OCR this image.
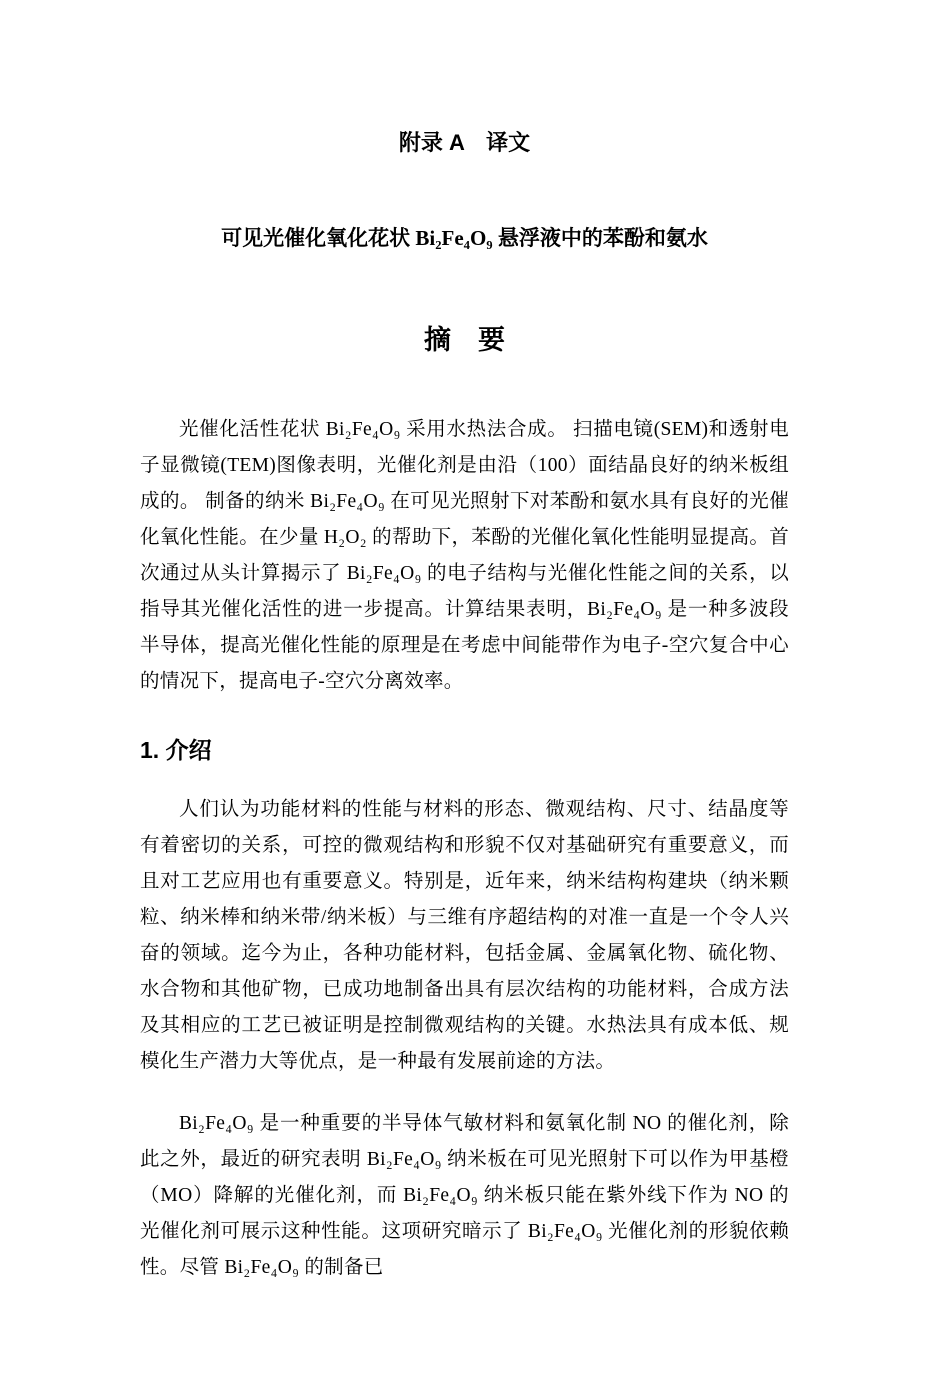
附录 A　译文
可见光催化氧化花状 Bi₂Fe₄O₉ 悬浮液中的苯酚和氨水
摘　要

光催化活性花状 Bi₂Fe₄O₉ 采用水热法合成。 扫描电镜(SEM)和透射电子显微镜(TEM)图像表明，光催化剂是由沿（100）面结晶良好的纳米板组成的。 制备的纳米 Bi₂Fe₄O₉ 在可见光照射下对苯酚和氨水具有良好的光催化氧化性能。在少量 H₂O₂ 的帮助下，苯酚的光催化氧化性能明显提高。首次通过从头计算揭示了 Bi₂Fe₄O₉ 的电子结构与光催化性能之间的关系，以指导其光催化活性的进一步提高。计算结果表明，Bi₂Fe₄O₉ 是一种多波段半导体，提高光催化性能的原理是在考虑中间能带作为电子-空穴复合中心的情况下，提高电子-空穴分离效率。

1. 介绍

人们认为功能材料的性能与材料的形态、微观结构、尺寸、结晶度等有着密切的关系，可控的微观结构和形貌不仅对基础研究有重要意义，而且对工艺应用也有重要意义。特别是，近年来，纳米结构构建块（纳米颗粒、纳米棒和纳米带/纳米板）与三维有序超结构的对准一直是一个令人兴奋的领域。迄今为止，各种功能材料，包括金属、金属氧化物、硫化物、水合物和其他矿物，已成功地制备出具有层次结构的功能材料，合成方法及其相应的工艺已被证明是控制微观结构的关键。水热法具有成本低、规模化生产潜力大等优点，是一种最有发展前途的方法。

Bi₂Fe₄O₉ 是一种重要的半导体气敏材料和氨氧化制 NO 的催化剂，除此之外，最近的研究表明 Bi₂Fe₄O₉ 纳米板在可见光照射下可以作为甲基橙（MO）降解的光催化剂，而 Bi₂Fe₄O₉ 纳米板只能在紫外线下作为 NO 的光催化剂可展示这种性能。这项研究暗示了 Bi₂Fe₄O₉ 光催化剂的形貌依赖性。尽管 Bi₂Fe₄O₉ 的制备已
